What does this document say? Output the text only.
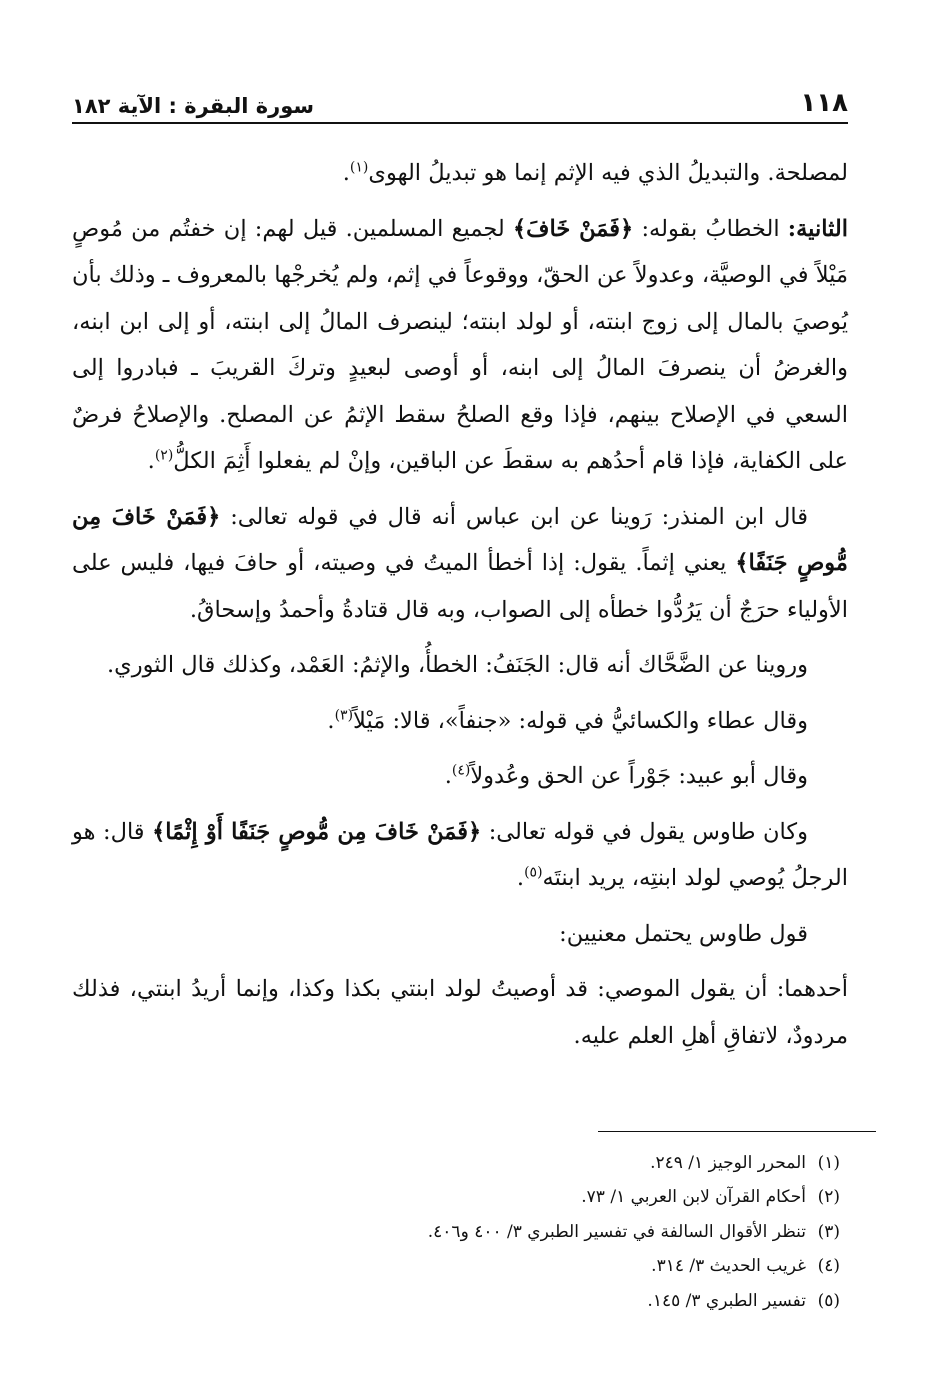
١١٨
سورة البقرة : الآية ١٨٢

لمصلحة. والتبديلُ الذي فيه الإثم إنما هو تبديلُ الهوى$^{(١)}$.

الثانية: الخطابُ بقوله: ﴿فَمَنْ خَافَ﴾ لجميع المسلمين. قيل لهم: إن خفتُم من مُوصٍ مَيْلاً في الوصيَّة، وعدولاً عن الحقّ، ووقوعاً في إثم، ولم يُخرجْها بالمعروف ـ وذلك بأن يُوصيَ بالمال إلى زوج ابنته، أو لولد ابنته؛ لينصرف المالُ إلى ابنته، أو إلى ابن ابنه، والغرضُ أن ينصرفَ المالُ إلى ابنه، أو أوصى لبعيدٍ وتركَ القريبَ ـ فبادروا إلى السعي في الإصلاح بينهم، فإذا وقع الصلحُ سقط الإثمُ عن المصلح. والإصلاحُ فرضٌ على الكفاية، فإذا قام أحدُهم به سقطَ عن الباقين، وإنْ لم يفعلوا أَثِمَ الكلُّ$^{(٢)}$.

قال ابن المنذر: رَوينا عن ابن عباس أنه قال في قوله تعالى: ﴿فَمَنْ خَافَ مِن مُّوصٍ جَنَفًا﴾ يعني إثماً. يقول: إذا أخطأ الميتُ في وصيته، أو حافَ فيها، فليس على الأولياء حرَجٌ أن يَرُدُّوا خطأه إلى الصواب، وبه قال قتادةُ وأحمدُ وإسحاقُ.

وروينا عن الضَّحَّاك أنه قال: الجَنَفُ: الخطأُ، والإثمُ: العَمْد، وكذلك قال الثوري.

وقال عطاء والكسائيُّ في قوله: «جنفاً»، قالا: مَيْلاً$^{(٣)}$.

وقال أبو عبيد: جَوْراً عن الحق وعُدولاً$^{(٤)}$.

وكان طاوس يقول في قوله تعالى: ﴿فَمَنْ خَافَ مِن مُّوصٍ جَنَفًا أَوْ إِثْمًا﴾ قال: هو الرجلُ يُوصي لولد ابنتِه، يريد ابنتَه$^{(٥)}$.

قول طاوس يحتمل معنيين:

أحدهما: أن يقول الموصي: قد أوصيتُ لولد ابنتي بكذا وكذا، وإنما أريدُ ابنتي، فذلك مردودٌ، لاتفاقِ أهلِ العلم عليه.

(١)المحرر الوجيز ١/ ٢٤٩.
(٢)أحكام القرآن لابن العربي ١/ ٧٣.
(٣)تنظر الأقوال السالفة في تفسير الطبري ٣/ ٤٠٠ و٤٠٦.
(٤)غريب الحديث ٣/ ٣١٤.
(٥)تفسير الطبري ٣/ ١٤٥.
